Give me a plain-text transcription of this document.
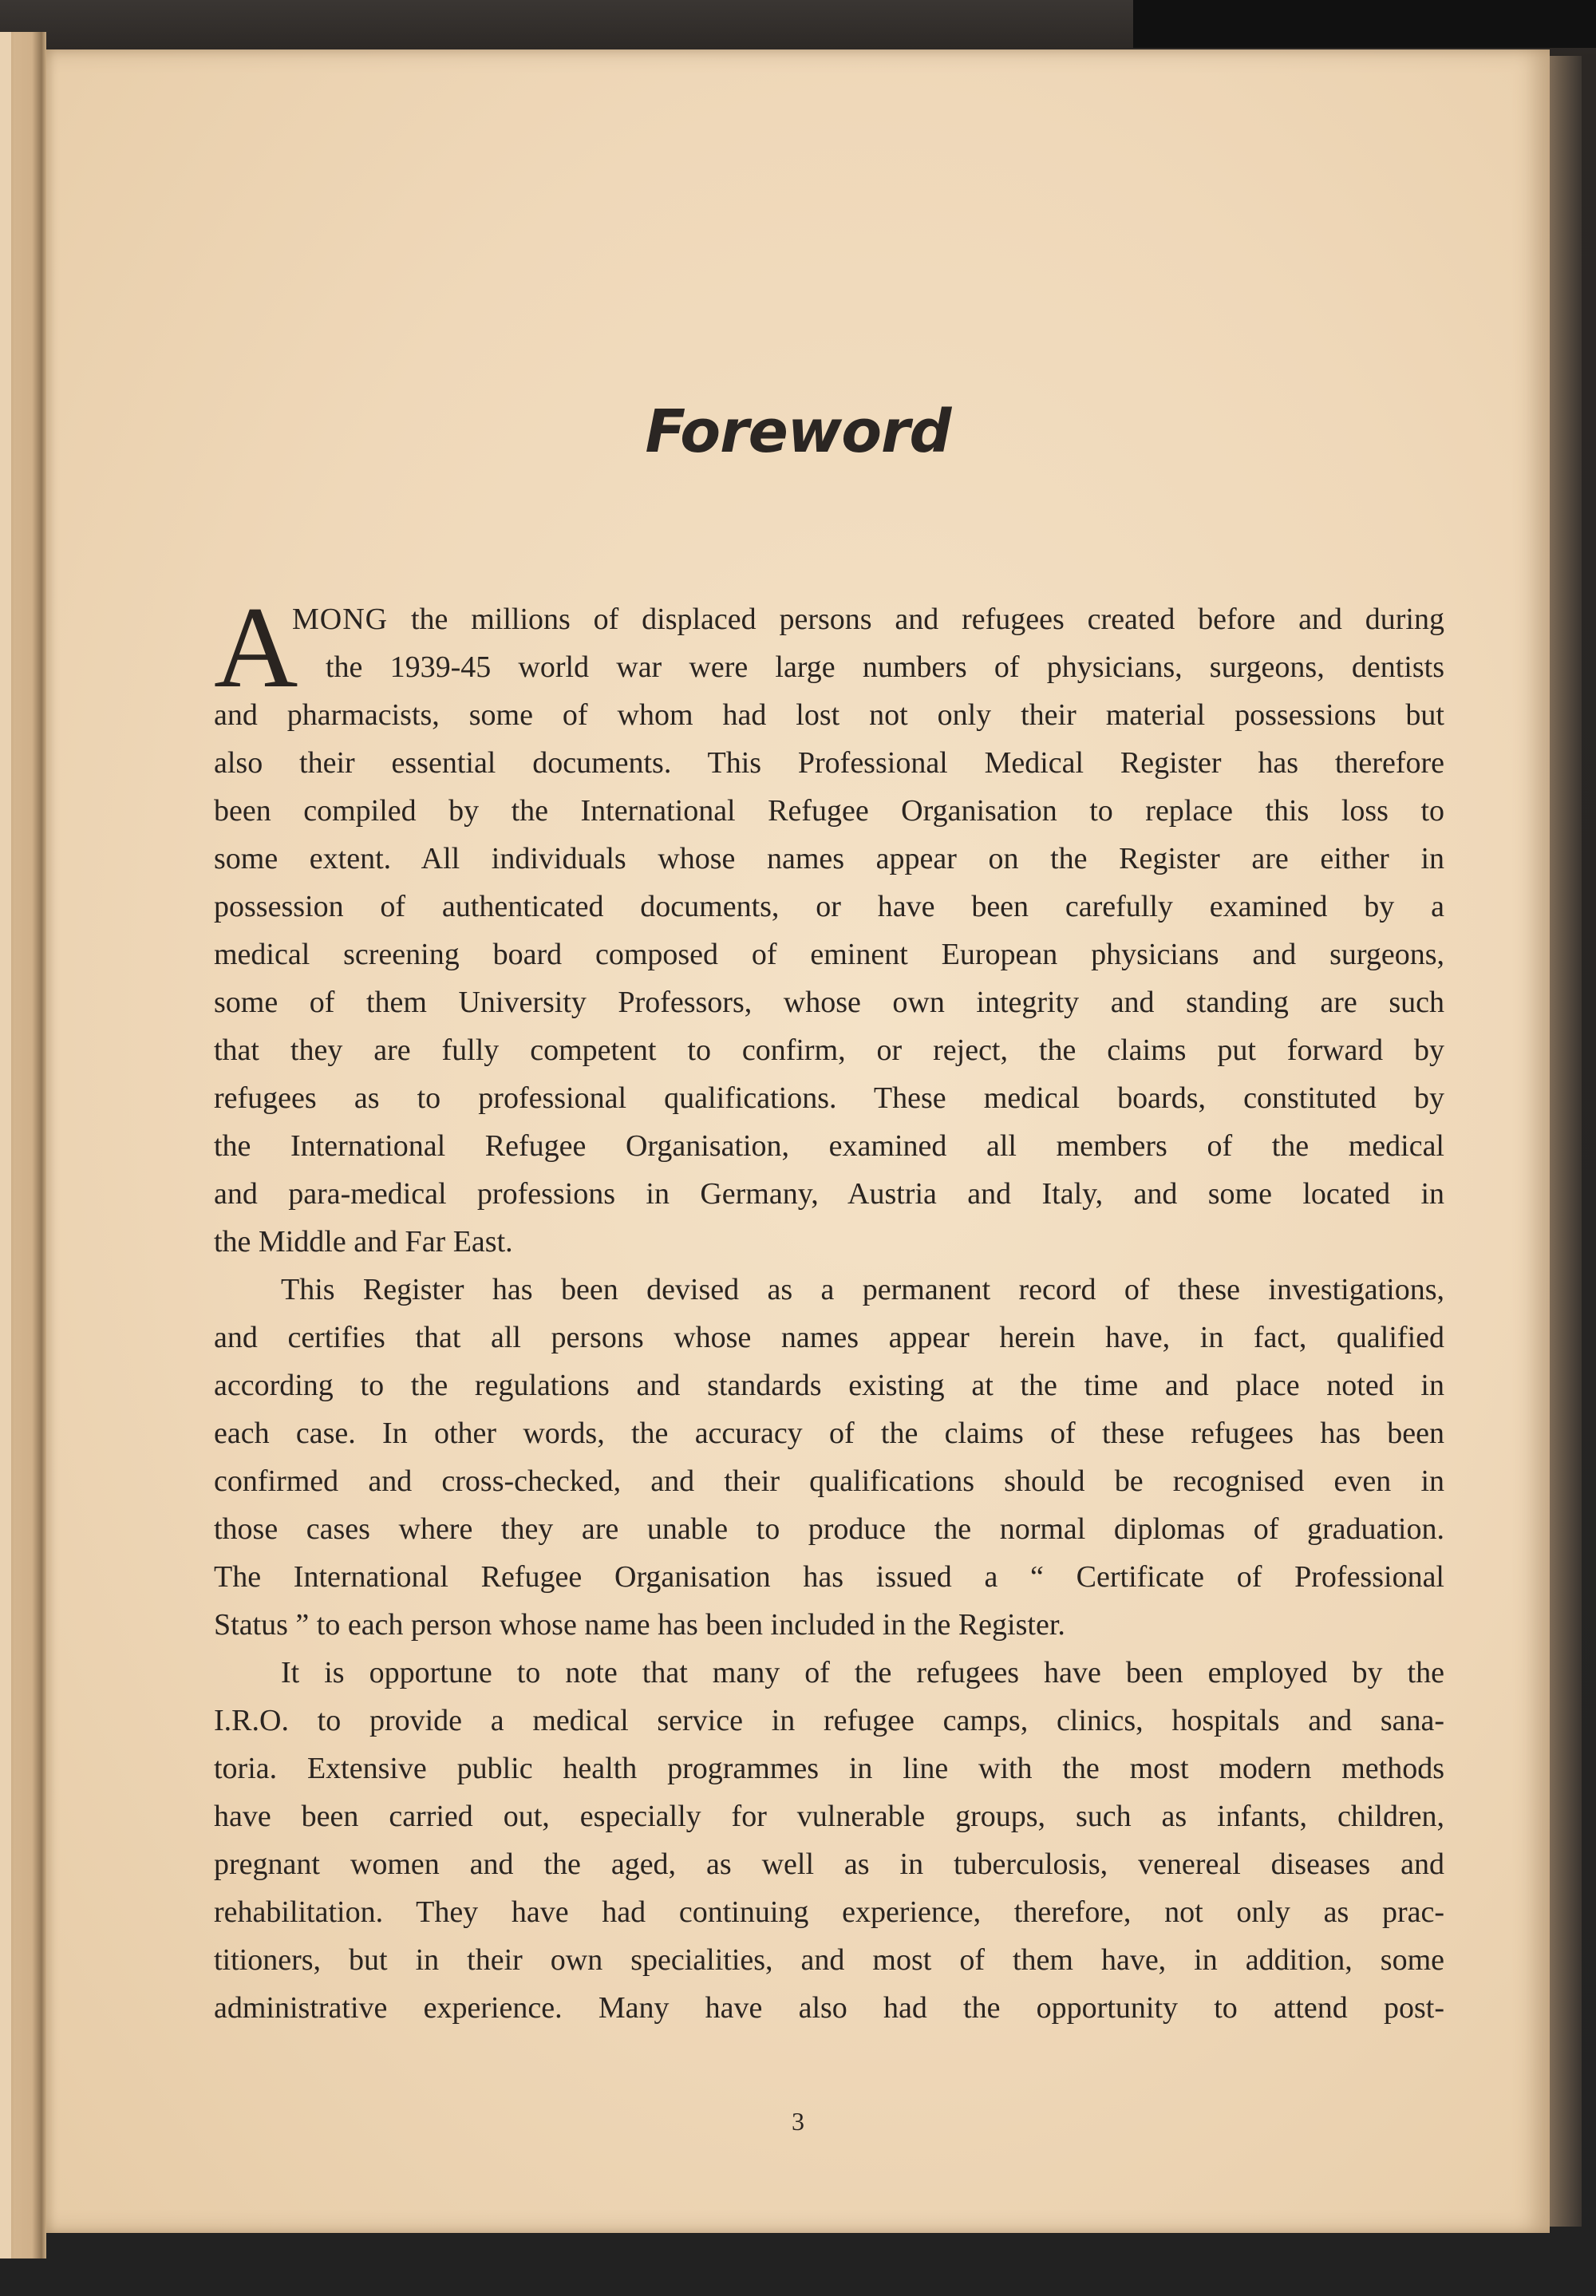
Foreword
A
MONG the millions of displaced persons and refugees created before and during
the 1939-45 world war were large numbers of physicians, surgeons, dentists
and pharmacists, some of whom had lost not only their material possessions but
also their essential documents. This Professional Medical Register has therefore
been compiled by the International Refugee Organisation to replace this loss to
some extent. All individuals whose names appear on the Register are either in
possession of authenticated documents, or have been carefully examined by a
medical screening board composed of eminent European physicians and surgeons,
some of them University Professors, whose own integrity and standing are such
that they are fully competent to confirm, or reject, the claims put forward by
refugees as to professional qualifications. These medical boards, constituted by
the International Refugee Organisation, examined all members of the medical
and para-medical professions in Germany, Austria and Italy, and some located in
the Middle and Far East.
This Register has been devised as a permanent record of these investigations,
and certifies that all persons whose names appear herein have, in fact, qualified
according to the regulations and standards existing at the time and place noted in
each case. In other words, the accuracy of the claims of these refugees has been
confirmed and cross-checked, and their qualifications should be recognised even in
those cases where they are unable to produce the normal diplomas of graduation.
The International Refugee Organisation has issued a “ Certificate of Professional
Status ” to each person whose name has been included in the Register.
It is opportune to note that many of the refugees have been employed by the
I.R.O. to provide a medical service in refugee camps, clinics, hospitals and sana-
toria. Extensive public health programmes in line with the most modern methods
have been carried out, especially for vulnerable groups, such as infants, children,
pregnant women and the aged, as well as in tuberculosis, venereal diseases and
rehabilitation. They have had continuing experience, therefore, not only as prac-
titioners, but in their own specialities, and most of them have, in addition, some
administrative experience. Many have also had the opportunity to attend post-
3
